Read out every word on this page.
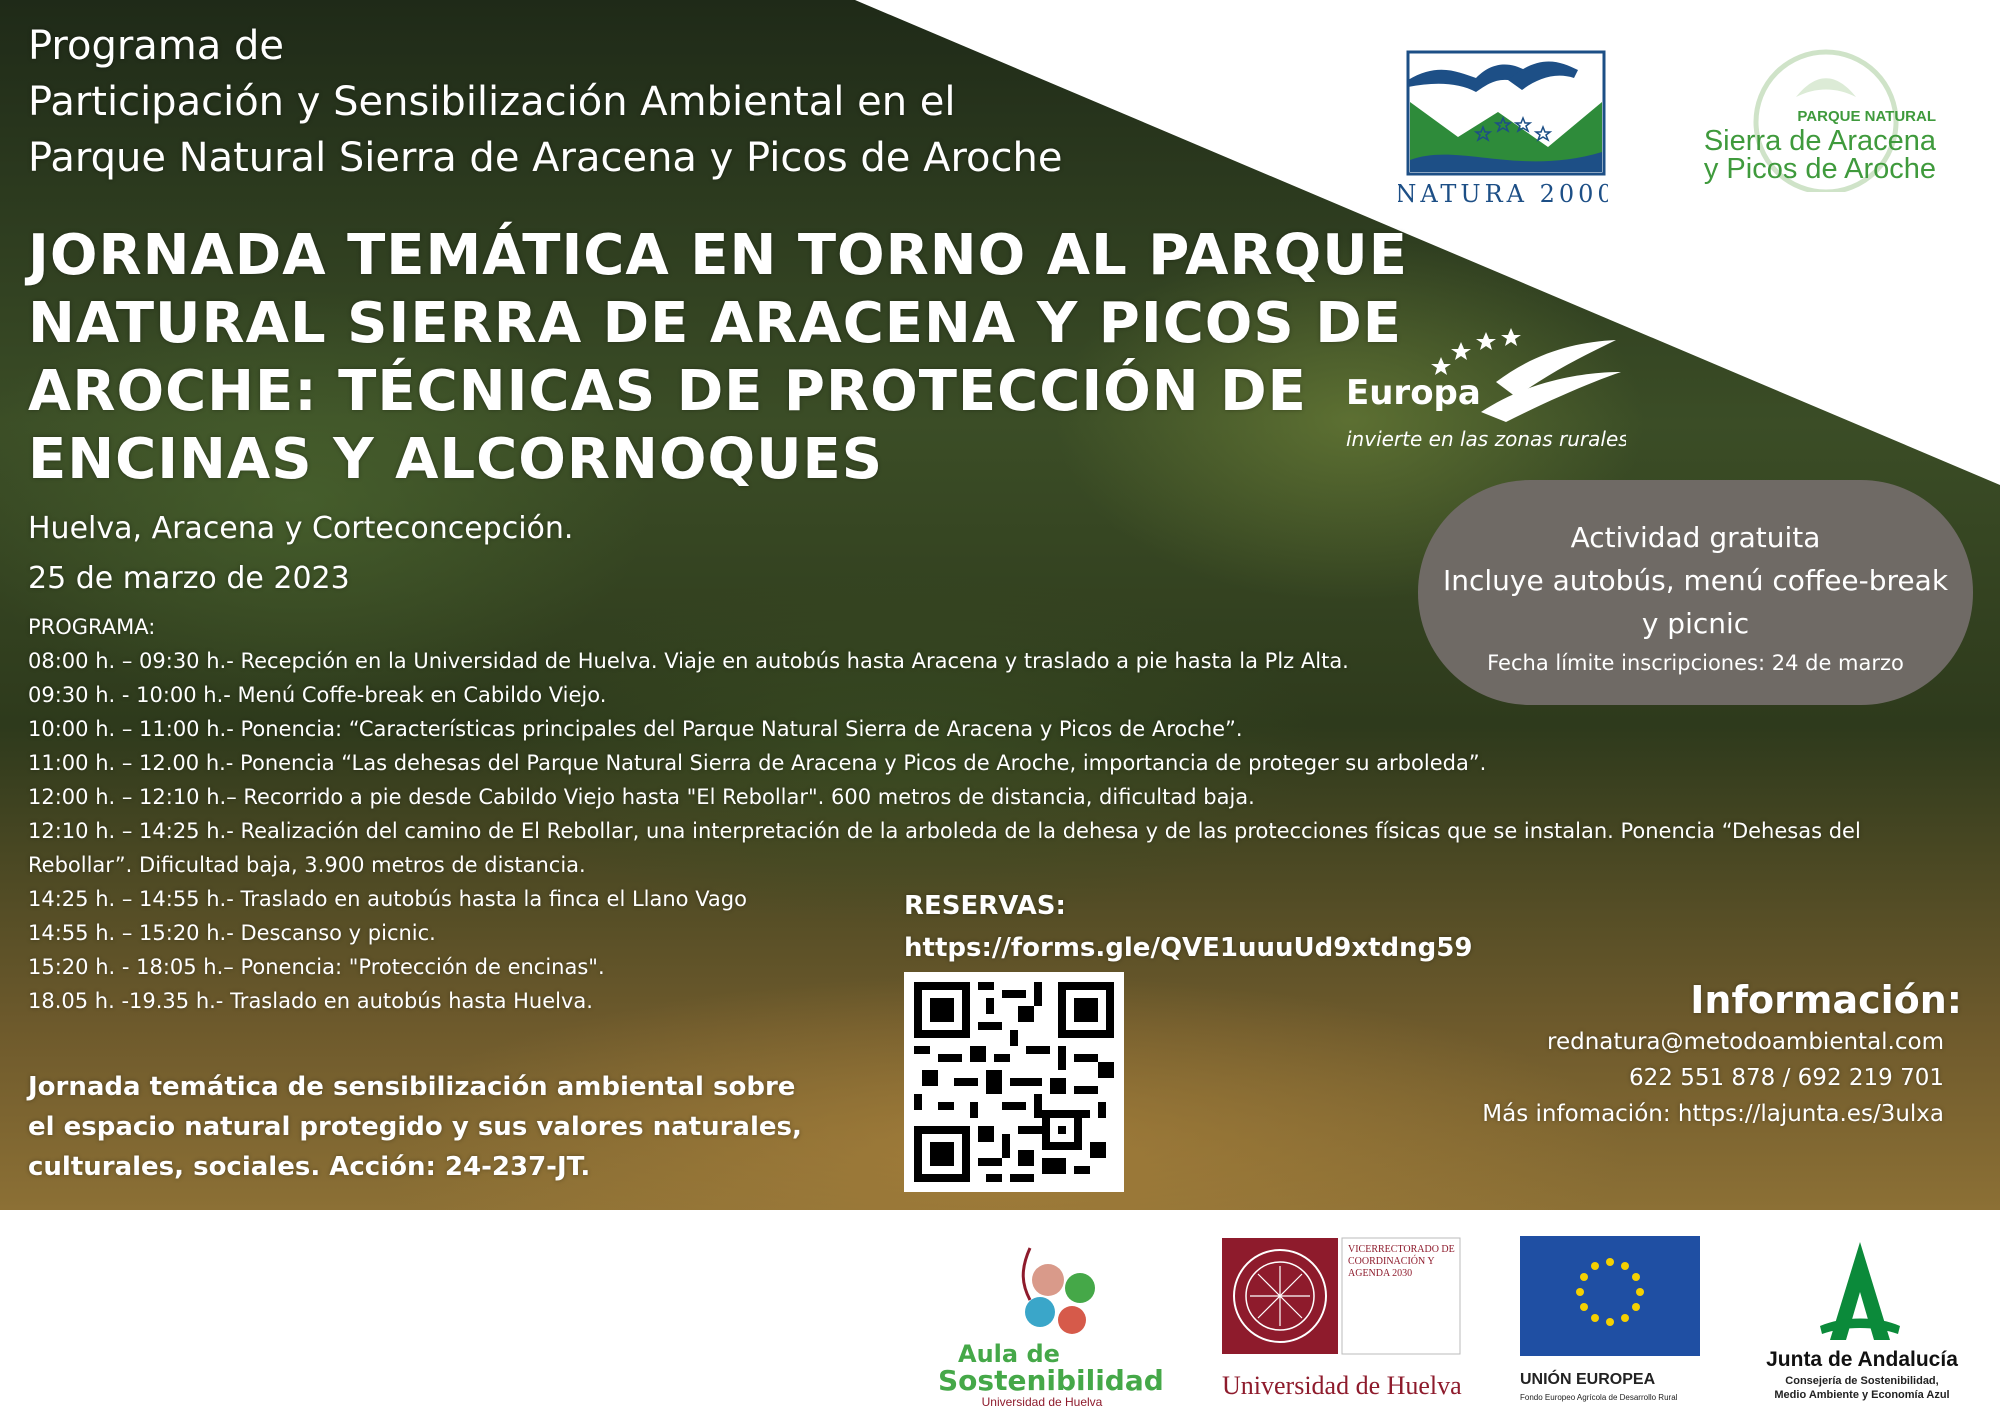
Programa de
Participación y Sensibilización Ambiental en el
Parque Natural Sierra de Aracena y Picos de Aroche
JORNADA TEMÁTICA EN TORNO AL PARQUE
NATURAL SIERRA DE ARACENA Y PICOS DE
AROCHE: TÉCNICAS DE PROTECCIÓN DE
ENCINAS Y ALCORNOQUES
Huelva, Aracena y Corteconcepción.
25 de marzo de 2023
PROGRAMA:
08:00 h. – 09:30 h.- Recepción en la Universidad de Huelva. Viaje en autobús hasta Aracena y traslado a pie hasta la Plz Alta.
09:30 h. - 10:00 h.- Menú Coffe-break en Cabildo Viejo.
10:00 h. – 11:00 h.- Ponencia: “Características principales del Parque Natural Sierra de Aracena y Picos de Aroche”.
11:00 h. – 12.00 h.- Ponencia “Las dehesas del Parque Natural Sierra de Aracena y Picos de Aroche, importancia de proteger su arboleda”.
12:00 h. – 12:10 h.– Recorrido a pie desde Cabildo Viejo hasta "El Rebollar". 600 metros de distancia, dificultad baja.
12:10 h. – 14:25 h.- Realización del camino de El Rebollar, una interpretación de la arboleda de la dehesa y de las protecciones físicas que se instalan. Ponencia “Dehesas del Rebollar”. Dificultad baja, 3.900 metros de distancia.
14:25 h. – 14:55 h.- Traslado en autobús hasta la finca el Llano Vago
14:55 h. – 15:20 h.- Descanso y picnic.
15:20 h. - 18:05 h.– Ponencia: "Protección de encinas".
18.05 h. -19.35 h.- Traslado en autobús hasta Huelva.
Jornada temática de sensibilización ambiental sobre
el espacio natural protegido y sus valores naturales,
culturales, sociales. Acción: 24-237-JT.
RESERVAS:
https://forms.gle/QVE1uuuUd9xtdng59
Información:
rednatura@metodoambiental.com
622 551 878 / 692 219 701
Más infomación: https://lajunta.es/3ulxa
Actividad gratuita
Incluye autobús, menú coffee-break
y picnic
Fecha límite inscripciones: 24 de marzo
NATURA 2000
PARQUE NATURAL
Sierra de Aracena
y Picos de Aroche
Europa
invierte en las zonas rurales
Aula de
Sostenibilidad
Universidad de Huelva
VICERRECTORADO DE
COORDINACIÓN Y
AGENDA 2030
Universidad de Huelva	UNIÓN EUROPEA
Fondo Europeo Agrícola de Desarrollo Rural
Junta de Andalucía
Consejería de Sostenibilidad,
Medio Ambiente y Economía Azul
